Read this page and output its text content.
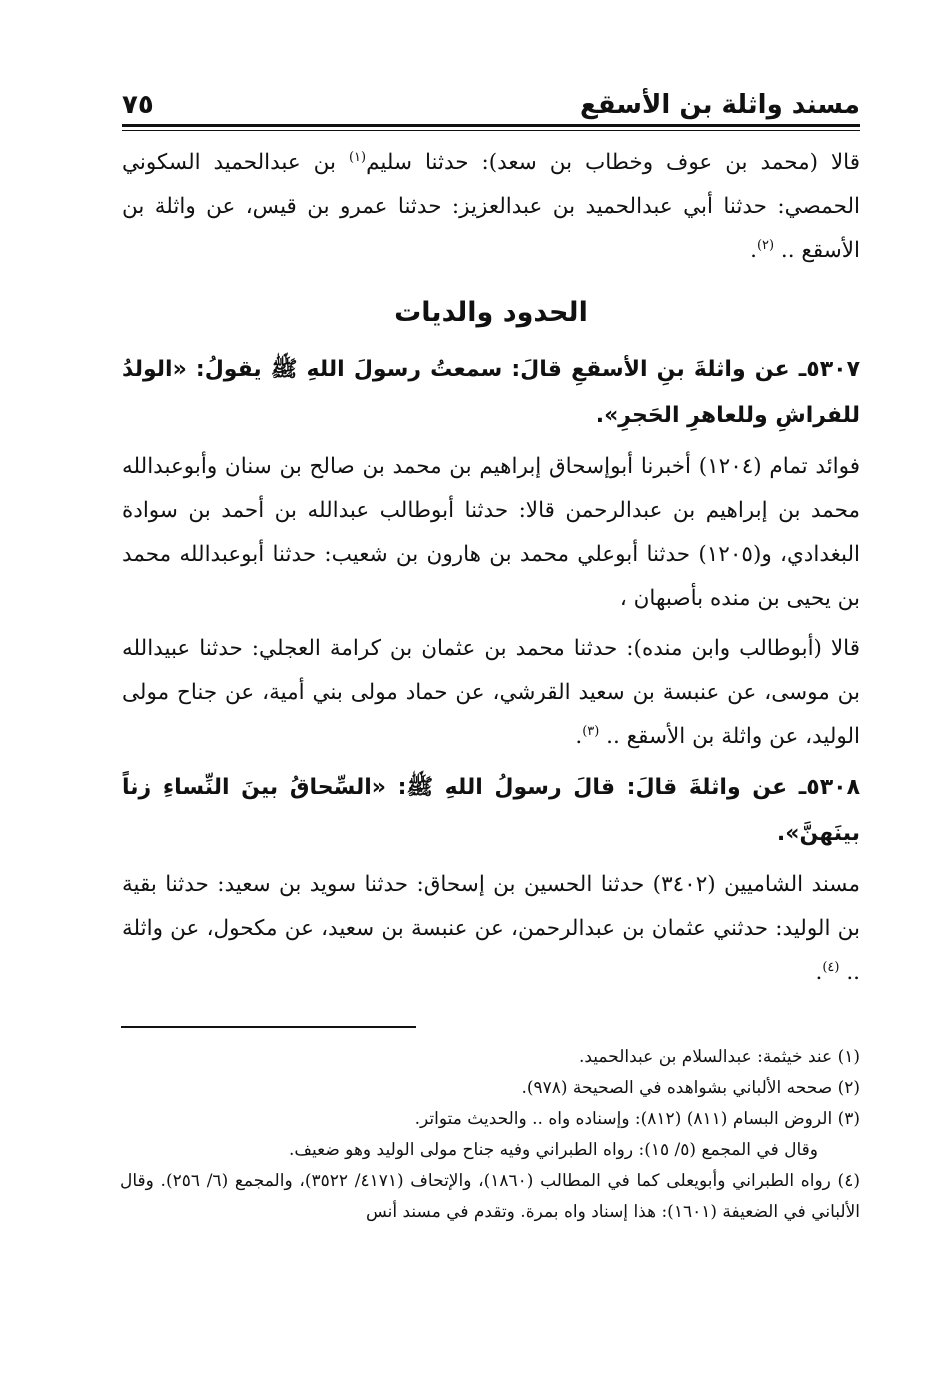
مسند واثلة بن الأسقع
٧٥

قالا (محمد بن عوف وخطاب بن سعد): حدثنا سليم$^{(١)}$ بن عبدالحميد السكوني الحمصي: حدثنا أبي عبدالحميد بن عبدالعزيز: حدثنا عمرو بن قيس، عن واثلة بن الأسقع .. $^{(٢)}$.

الحدود والديات

٥٣٠٧ـ عن واثلةَ بنِ الأسقعِ قالَ: سمعتُ رسولَ اللهِ ﷺ يقولُ: «الولدُ للفراشِ وللعاهرِ الحَجرِ».

فوائد تمام (١٢٠٤) أخبرنا أبوإسحاق إبراهيم بن محمد بن صالح بن سنان وأبوعبدالله محمد بن إبراهيم بن عبدالرحمن قالا: حدثنا أبوطالب عبدالله بن أحمد بن سوادة البغدادي، و(١٢٠٥) حدثنا أبوعلي محمد بن هارون بن شعيب: حدثنا أبوعبدالله محمد بن يحيى بن منده بأصبهان ،

قالا (أبوطالب وابن منده): حدثنا محمد بن عثمان بن كرامة العجلي: حدثنا عبيدالله بن موسى، عن عنبسة بن سعيد القرشي، عن حماد مولى بني أمية، عن جناح مولى الوليد، عن واثلة بن الأسقع .. $^{(٣)}$.

٥٣٠٨ـ عن واثلةَ قالَ: قالَ رسولُ اللهِ ﷺ: «السِّحاقُ بينَ النِّساءِ زناً بينَهنَّ».

مسند الشاميين (٣٤٠٢) حدثنا الحسين بن إسحاق: حدثنا سويد بن سعيد: حدثنا بقية بن الوليد: حدثني عثمان بن عبدالرحمن، عن عنبسة بن سعيد، عن مكحول، عن واثلة .. $^{(٤)}$.

(١) عند خيثمة: عبدالسلام بن عبدالحميد.

(٢) صححه الألباني بشواهده في الصحيحة (٩٧٨).

(٣) الروض البسام (٨١١) (٨١٢): وإسناده واه .. والحديث متواتر.

وقال في المجمع (٥/ ١٥): رواه الطبراني وفيه جناح مولى الوليد وهو ضعيف.

(٤) رواه الطبراني وأبويعلى كما في المطالب (١٨٦٠)، والإتحاف (٤١٧١/ ٣٥٢٢)، والمجمع (٦/ ٢٥٦). وقال الألباني في الضعيفة (١٦٠١): هذا إسناد واه بمرة. وتقدم في مسند أنس
